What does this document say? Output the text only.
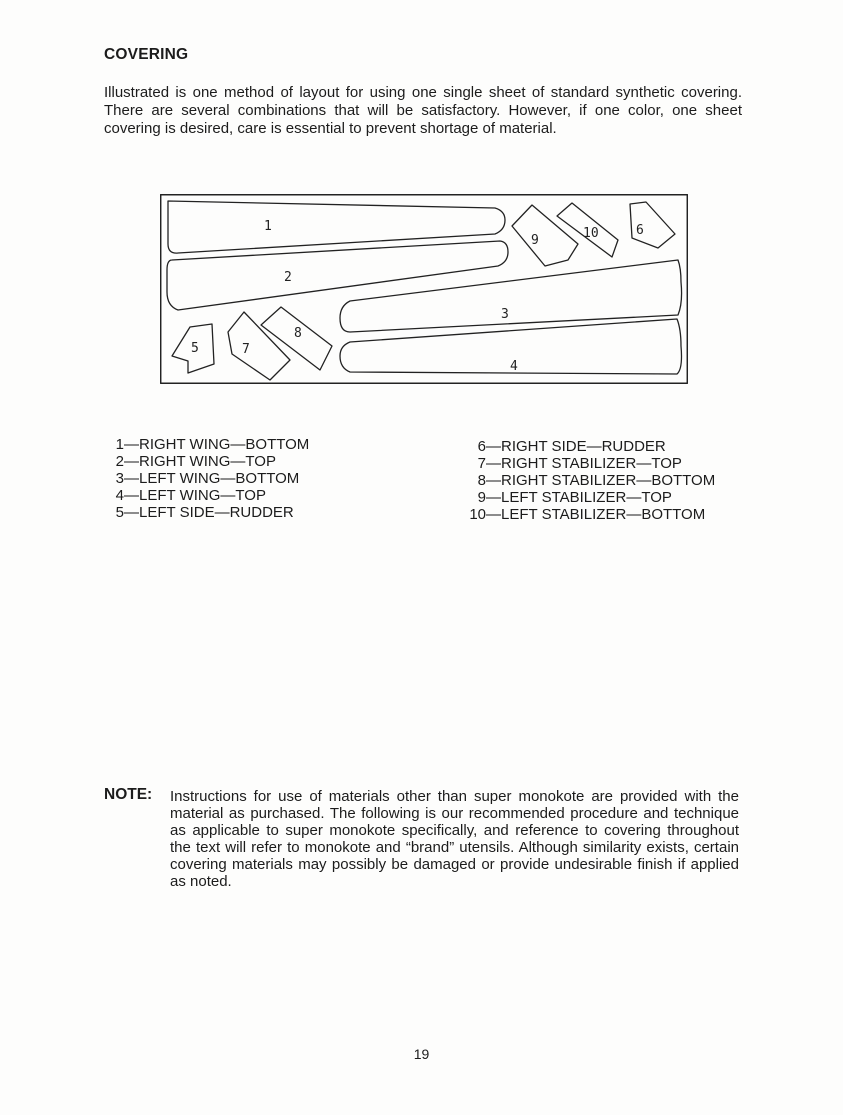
COVERING

Illustrated is one method of layout for using one single sheet of standard synthetic covering. There are several combinations that will be satisfactory. However, if one color, one sheet covering is desired, care is essential to prevent shortage of material.

1
2
3
4
5
6
7
8
9	10
1—RIGHT WING—BOTTOM
2—RIGHT WING—TOP
3—LEFT WING—BOTTOM
4—LEFT WING—TOP
5—LEFT SIDE—RUDDER
6—RIGHT SIDE—RUDDER
7—RIGHT STABILIZER—TOP
8—RIGHT STABILIZER—BOTTOM
9—LEFT STABILIZER—TOP
10—LEFT STABILIZER—BOTTOM
NOTE: Instructions for use of materials other than super monokote are provided with the material as purchased. The following is our recommended procedure and technique as applicable to super monokote specifically, and reference to covering throughout the text will refer to monokote and “brand” utensils. Although similarity exists, certain covering materials may possibly be damaged or provide undesirable finish if applied as noted.

19
